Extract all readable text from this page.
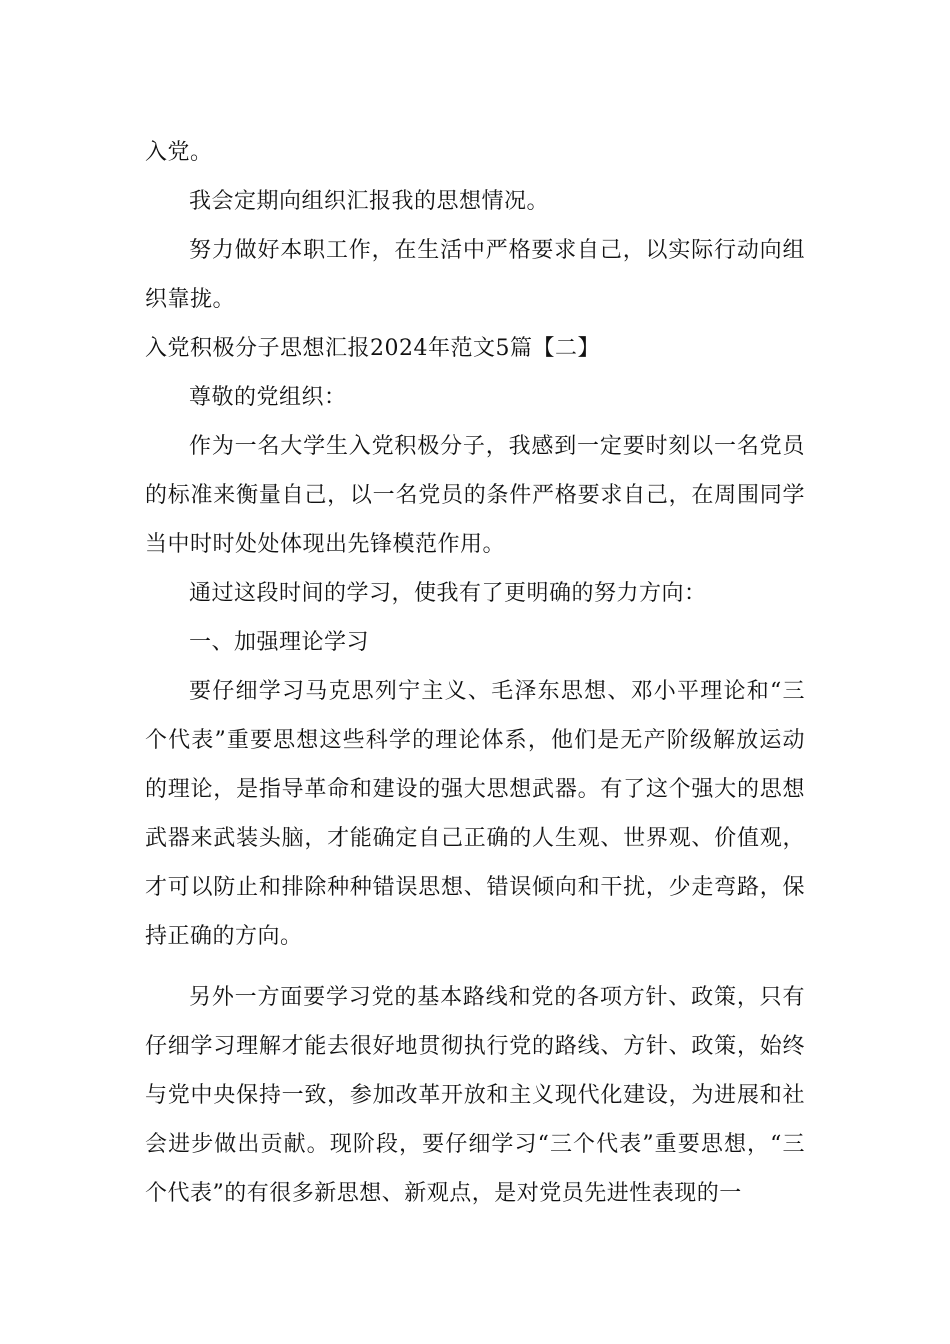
入党。

我会定期向组织汇报我的思想情况。

努力做好本职工作，在生活中严格要求自己，以实际行动向组织靠拢。

入党积极分子思想汇报2024年范文5篇【二】

尊敬的党组织：

作为一名大学生入党积极分子，我感到一定要时刻以一名党员的标准来衡量自己，以一名党员的条件严格要求自己，在周围同学当中时时处处体现出先锋模范作用。

通过这段时间的学习，使我有了更明确的努力方向：

一、加强理论学习

要仔细学习马克思列宁主义、毛泽东思想、邓小平理论和“三个代表”重要思想这些科学的理论体系，他们是无产阶级解放运动的理论，是指导革命和建设的强大思想武器。有了这个强大的思想武器来武装头脑，才能确定自己正确的人生观、世界观、价值观，才可以防止和排除种种错误思想、错误倾向和干扰，少走弯路，保持正确的方向。

另外一方面要学习党的基本路线和党的各项方针、政策，只有仔细学习理解才能去很好地贯彻执行党的路线、方针、政策，始终与党中央保持一致，参加改革开放和主义现代化建设，为进展和社会进步做出贡献。现阶段，要仔细学习“三个代表”重要思想，“三个代表”的有很多新思想、新观点，是对党员先进性表现的一
